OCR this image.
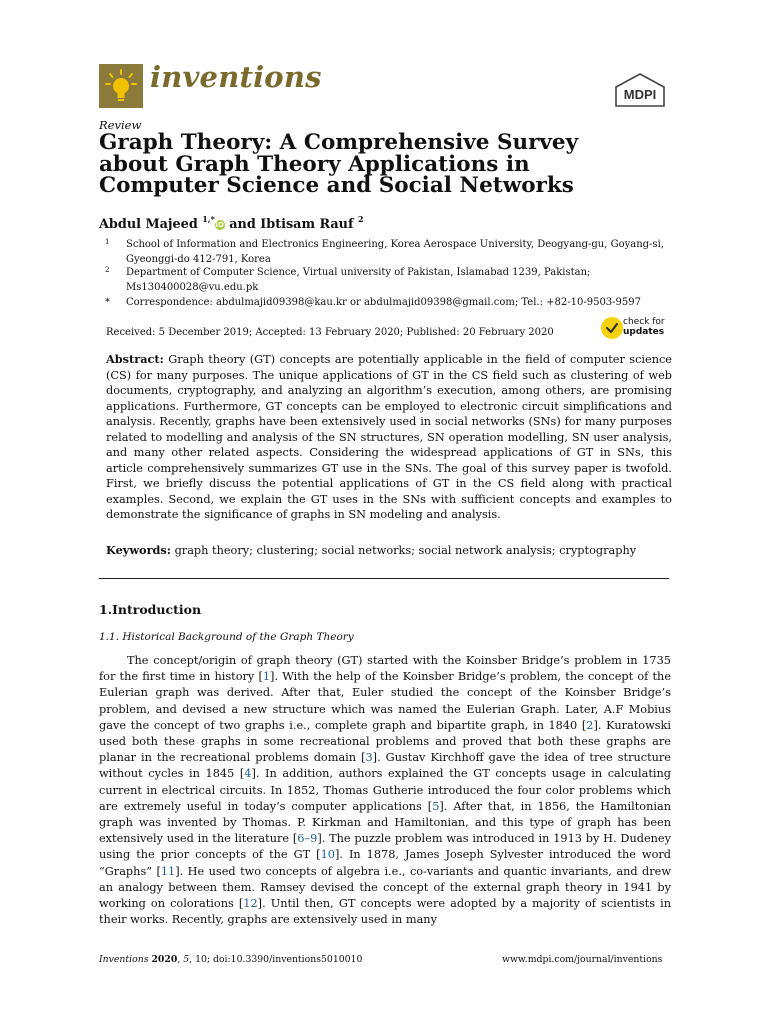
inventions
MDPI
Review
Graph Theory: A Comprehensive Survey
about Graph Theory Applications in
Computer Science and Social Networks
Abdul Majeed $^{1,*}$iD and Ibtisam Rauf $^2$
1 School of Information and Electronics Engineering, Korea Aerospace University, Deogyang-gu, Goyang-si, Gyeonggi-do 412-791, Korea
2 Department of Computer Science, Virtual university of Pakistan, Islamabad 1239, Pakistan; Ms130400028@vu.edu.pk
* Correspondence: abdulmajid09398@kau.kr or abdulmajid09398@gmail.com; Tel.: +82-10-9503-9597
Received: 5 December 2019; Accepted: 13 February 2020; Published: 20 February 2020
check for
updates
Abstract: Graph theory (GT) concepts are potentially applicable in the field of computer science (CS) for many purposes. The unique applications of GT in the CS field such as clustering of web documents, cryptography, and analyzing an algorithm’s execution, among others, are promising applications. Furthermore, GT concepts can be employed to electronic circuit simplifications and analysis. Recently, graphs have been extensively used in social networks (SNs) for many purposes related to modelling and analysis of the SN structures, SN operation modelling, SN user analysis, and many other related aspects. Considering the widespread applications of GT in SNs, this article comprehensively summarizes GT use in the SNs. The goal of this survey paper is twofold. First, we briefly discuss the potential applications of GT in the CS field along with practical examples. Second, we explain the GT uses in the SNs with sufficient concepts and examples to demonstrate the significance of graphs in SN modeling and analysis.
Keywords: graph theory; clustering; social networks; social network analysis; cryptography
1.Introduction
1.1. Historical Background of the Graph Theory
The concept/origin of graph theory (GT) started with the Koinsber Bridge’s problem in 1735 for the first time in history [1]. With the help of the Koinsber Bridge’s problem, the concept of the Eulerian graph was derived. After that, Euler studied the concept of the Koinsber Bridge’s problem, and devised a new structure which was named the Eulerian Graph. Later, A.F Mobius gave the concept of two graphs i.e., complete graph and bipartite graph, in 1840 [2]. Kuratowski used both these graphs in some recreational problems and proved that both these graphs are planar in the recreational problems domain [3]. Gustav Kirchhoff gave the idea of tree structure without cycles in 1845 [4]. In addition, authors explained the GT concepts usage in calculating current in electrical circuits. In 1852, Thomas Gutherie introduced the four color problems which are extremely useful in today’s computer applications [5]. After that, in 1856, the Hamiltonian graph was invented by Thomas. P. Kirkman and Hamiltonian, and this type of graph has been extensively used in the literature [6–9]. The puzzle problem was introduced in 1913 by H. Dudeney using the prior concepts of the GT [10]. In 1878, James Joseph Sylvester introduced the word “Graphs” [11]. He used two concepts of algebra i.e., co-variants and quantic invariants, and drew an analogy between them. Ramsey devised the concept of the external graph theory in 1941 by working on colorations [12]. Until then, GT concepts were adopted by a majority of scientists in their works. Recently, graphs are extensively used in many
Inventions 2020, 5, 10; doi:10.3390/inventions5010010	www.mdpi.com/journal/inventions
